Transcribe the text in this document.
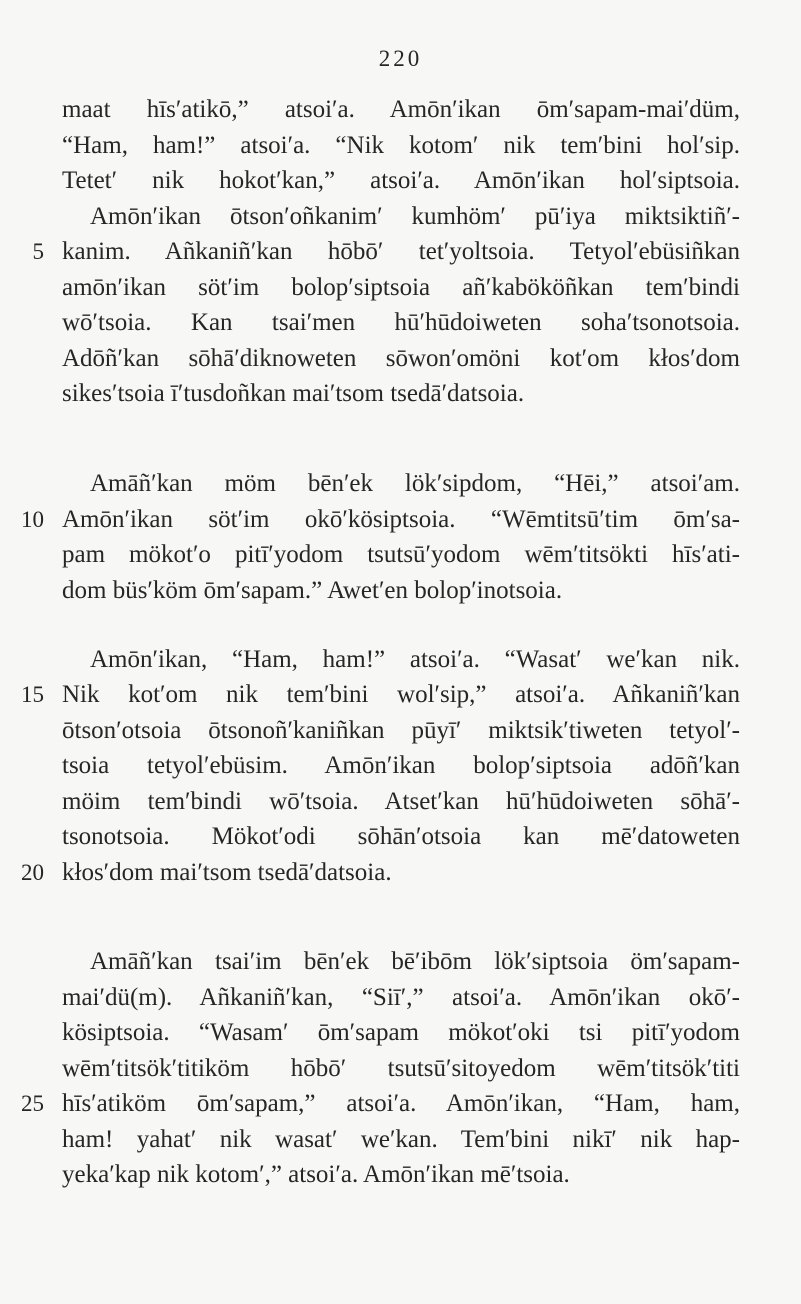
220
maat hīsʹatikō,” atsoiʹa. Amōnʹikan ōmʹsapam-maiʹdüm,
“Ham, ham!” atsoiʹa. “Nik kotomʹ nik temʹbini holʹsip.
Tetetʹ nik hokotʹkan,” atsoiʹa. Amōnʹikan holʹsiptsoia.
Amōnʹikan ōtsonʹoñkanimʹ kumhömʹ pūʹiya miktsiktiñʹ-
kanim. Añkaniñʹkan hōbōʹ tetʹyoltsoia. Tetyolʹebüsiñkan
amōnʹikan sötʹim bolopʹsiptsoia añʹkabököñkan temʹbindi
wōʹtsoia. Kan tsaiʹmen hūʹhūdoiweten sohaʹtsonotsoia.
Adōñʹkan sōhāʹdiknoweten sōwonʹomöni kotʹom kłosʹdom
sikesʹtsoia īʹtusdoñkan maiʹtsom tsedāʹdatsoia.
Amāñʹkan möm bēnʹek lökʹsipdom, “Hēi,” atsoiʹam.
Amōnʹikan sötʹim okōʹkösiptsoia. “Wēmtitsūʹtim ōmʹsa-
pam mökotʹo pitīʹyodom tsutsūʹyodom wēmʹtitsökti hīsʹati-
dom büsʹköm ōmʹsapam.” Awetʹen bolopʹinotsoia.
Amōnʹikan, “Ham, ham!” atsoiʹa. “Wasatʹ weʹkan nik.
Nik kotʹom nik temʹbini wolʹsip,” atsoiʹa. Añkaniñʹkan
ōtsonʹotsoia ōtsonoñʹkaniñkan pūyīʹ miktsikʹtiweten tetyolʹ-
tsoia tetyolʹebüsim. Amōnʹikan bolopʹsiptsoia adōñʹkan
möim temʹbindi wōʹtsoia. Atsetʹkan hūʹhūdoiweten sōhāʹ-
tsonotsoia. Mökotʹodi sōhānʹotsoia kan mēʹdatoweten
kłosʹdom maiʹtsom tsedāʹdatsoia.
Amāñʹkan tsaiʹim bēnʹek bēʹibōm lökʹsiptsoia ömʹsapam-
maiʹdü(m). Añkaniñʹkan, “Siīʹ,” atsoiʹa. Amōnʹikan okōʹ-
kösiptsoia. “Wasamʹ ōmʹsapam mökotʹoki tsi pitīʹyodom
wēmʹtitsökʹtitiköm hōbōʹ tsutsūʹsitoyedom wēmʹtitsökʹtiti
hīsʹatiköm ōmʹsapam,” atsoiʹa. Amōnʹikan, “Ham, ham,
ham! yahatʹ nik wasatʹ weʹkan. Temʹbini nikīʹ nik hap-
yekaʹkap nik kotomʹ,” atsoiʹa. Amōnʹikan mēʹtsoia.
5
10
15
20
25
